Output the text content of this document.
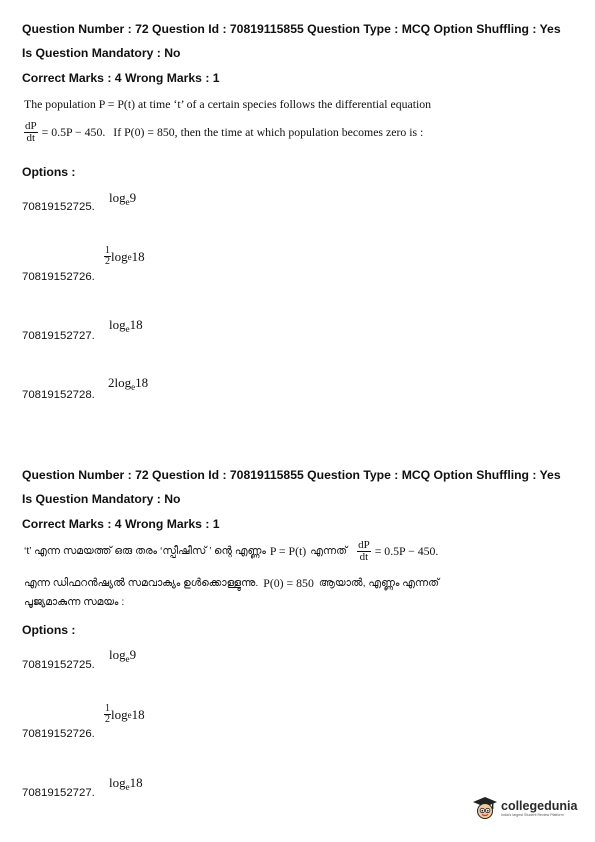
Question Number : 72 Question Id : 70819115855 Question Type : MCQ Option Shuffling : Yes
Is Question Mandatory : No
Correct Marks : 4 Wrong Marks : 1
The population P = P(t) at time ‘t’ of a certain species follows the differential equation
$\frac{dP}{dt} = 0.5P - 450$. If P(0) = 850, then the time at which population becomes zero is :
Options :
70819152725.
$\log_e9$
70819152726.
$\frac{1}{2}$ log e 18
70819152727.
$\log_e18$
70819152728.
$2\log_e18$
Question Number : 72 Question Id : 70819115855 Question Type : MCQ Option Shuffling : Yes
Is Question Mandatory : No
Correct Marks : 4 Wrong Marks : 1
‘t’ എന്ന സമയത്ത് ഒരു തരം ‘സ്പീഷീസ് ’ ന്റെ എണ്ണം P = P(t) എന്നത് $\frac{dP}{dt} = 0.5P - 450$.
എന്ന ഡിഫറൻഷ്യൽ സമവാക്യം ഉൾക്കൊള്ളുന്നു. P(0) = 850 ആയാൽ, എണ്ണം എന്നത്
പൂജ്യമാകുന്ന സമയം :
Options :
70819152725.
$\log_e9$
70819152726.
$\frac{1}{2}$ log e 18
70819152727.
$\log_e18$
collegedunia
India's largest Student Review Platform
